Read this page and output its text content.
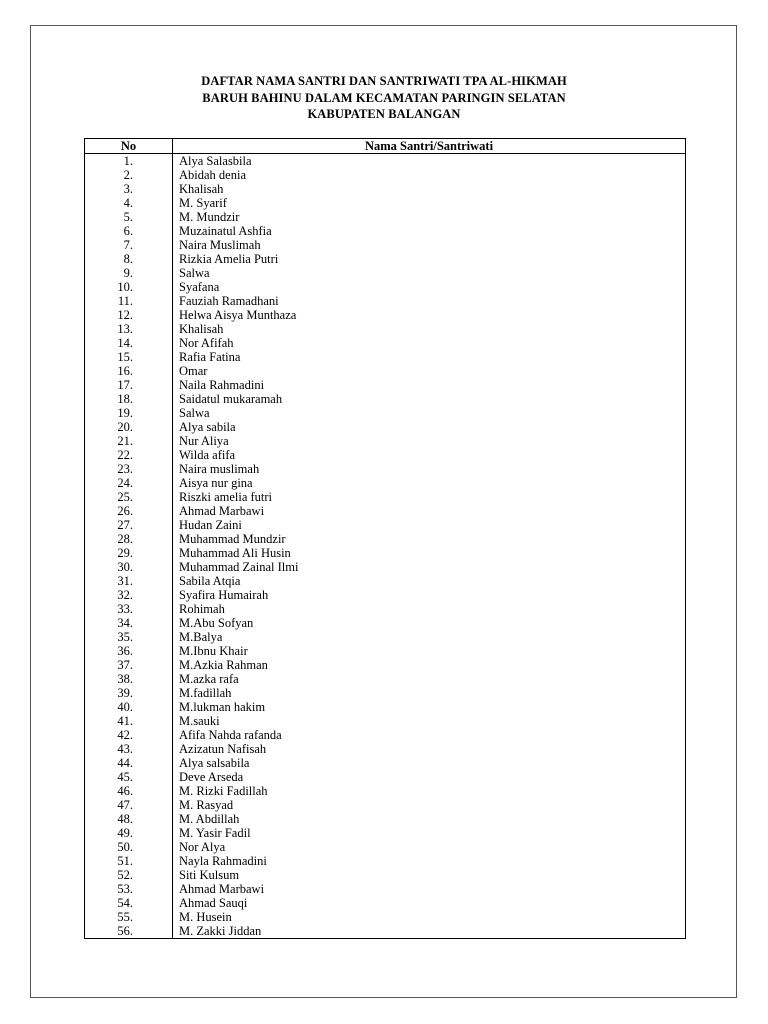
DAFTAR NAMA SANTRI DAN SANTRIWATI TPA AL-HIKMAH
BARUH BAHINU DALAM KECAMATAN PARINGIN SELATAN
KABUPATEN BALANGAN
No	Nama Santri/Santriwati
1.	Alya Salasbila
2.	Abidah denia
3.	Khalisah
4.	M. Syarif
5.	M. Mundzir
6.	Muzainatul Ashfia
7.	Naira Muslimah
8.	Rizkia Amelia Putri
9.	Salwa
10.	Syafana
11.	Fauziah Ramadhani
12.	Helwa Aisya Munthaza
13.	Khalisah
14.	Nor Afifah
15.	Rafia Fatina
16.	Omar
17.	Naila Rahmadini
18.	Saidatul mukaramah
19.	Salwa
20.	Alya sabila
21.	Nur Aliya
22.	Wilda afifa
23.	Naira muslimah
24.	Aisya nur gina
25.	Riszki amelia futri
26.	Ahmad Marbawi
27.	Hudan Zaini
28.	Muhammad Mundzir
29.	Muhammad Ali Husin
30.	Muhammad Zainal Ilmi
31.	Sabila Atqia
32.	Syafira Humairah
33.	Rohimah
34.	M.Abu Sofyan
35.	M.Balya
36.	M.Ibnu Khair
37.	M.Azkia Rahman
38.	M.azka rafa
39.	M.fadillah
40.	M.lukman hakim
41.	M.sauki
42.	Afifa Nahda rafanda
43.	Azizatun Nafisah
44.	Alya salsabila
45.	Deve Arseda
46.	M. Rizki Fadillah
47.	M. Rasyad
48.	M. Abdillah
49.	M. Yasir Fadil
50.	Nor Alya
51.	Nayla Rahmadini
52.	Siti Kulsum
53.	Ahmad Marbawi
54.	Ahmad Sauqi
55.	M. Husein
56.	M. Zakki Jiddan
